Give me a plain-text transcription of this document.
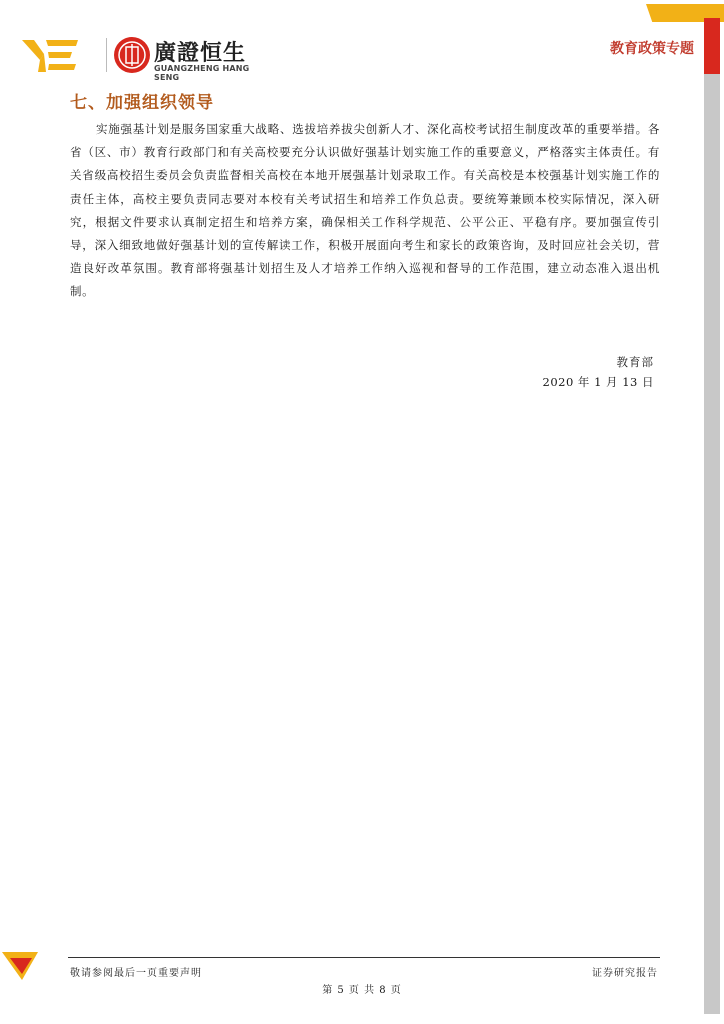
廣證恒生
GUANGZHENG HANG SENG
教育政策专题
七、加强组织领导

实施强基计划是服务国家重大战略、选拔培养拔尖创新人才、深化高校考试招生制度改革的重要举措。各省（区、市）教育行政部门和有关高校要充分认识做好强基计划实施工作的重要意义，严格落实主体责任。有关省级高校招生委员会负责监督相关高校在本地开展强基计划录取工作。有关高校是本校强基计划实施工作的责任主体，高校主要负责同志要对本校有关考试招生和培养工作负总责。要统筹兼顾本校实际情况，深入研究，根据文件要求认真制定招生和培养方案，确保相关工作科学规范、公平公正、平稳有序。要加强宣传引导，深入细致地做好强基计划的宣传解读工作，积极开展面向考生和家长的政策咨询，及时回应社会关切，营造良好改革氛围。教育部将强基计划招生及人才培养工作纳入巡视和督导的工作范围，建立动态准入退出机制。

教育部
2020 年 1 月 13 日
敬请参阅最后一页重要声明	证券研究报告
第 5 页 共 8 页
